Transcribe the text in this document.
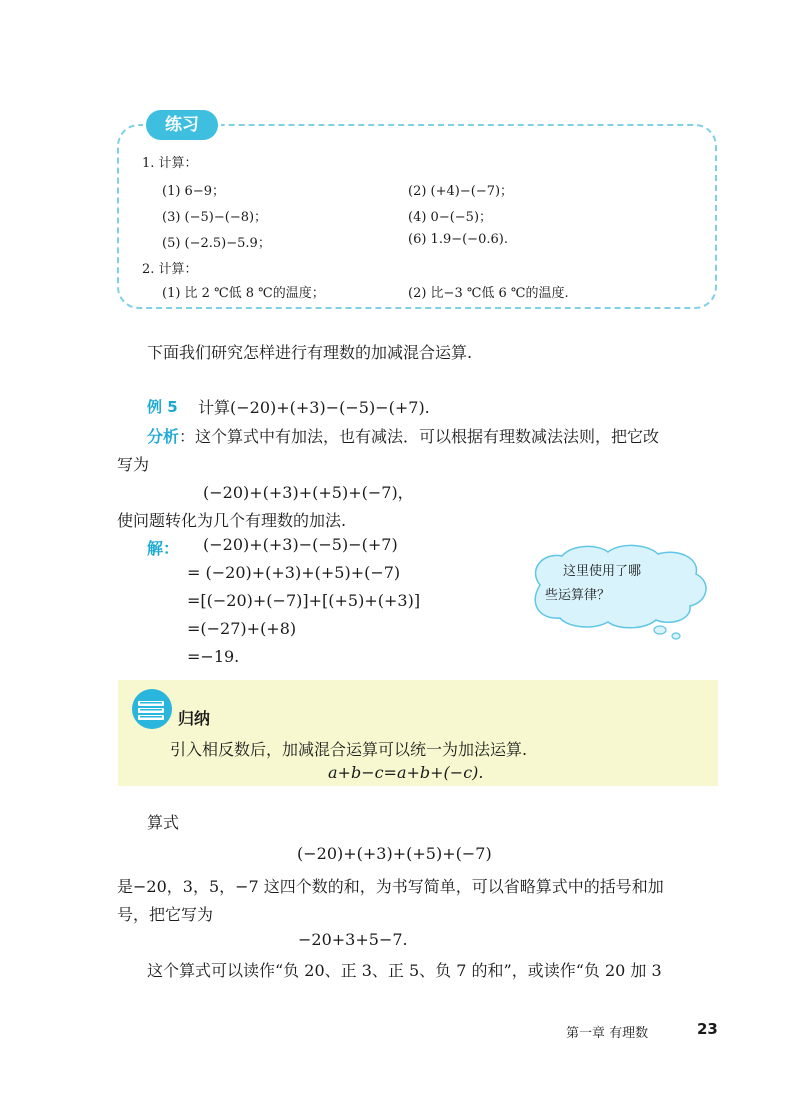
练习
1. 计算：
(1) 6−9；	(2) (+4)−(−7)；
(3) (−5)−(−8)；	(4) 0−(−5)；
(5) (−2.5)−5.9；	(6) 1.9−(−0.6).
2. 计算：
(1) 比 2 ℃低 8 ℃的温度；	(2) 比−3 ℃低 6 ℃的温度.
下面我们研究怎样进行有理数的加减混合运算.
例 5 计算(−20)+(+3)−(−5)−(+7).
分析：这个算式中有加法，也有减法．可以根据有理数减法法则，把它改
写为
(−20)+(+3)+(+5)+(−7)，
使问题转化为几个有理数的加法.
解： (−20)+(+3)−(−5)−(+7)
= (−20)+(+3)+(+5)+(−7)
=[(−20)+(−7)]+[(+5)+(+3)]
=(−27)+(+8)
=−19.
这里使用了哪
些运算律？
归纳
引入相反数后，加减混合运算可以统一为加法运算.
a+b−c=a+b+(−c).
算式
(−20)+(+3)+(+5)+(−7)
是−20，3，5，−7 这四个数的和，为书写简单，可以省略算式中的括号和加
号，把它写为
−20+3+5−7.
这个算式可以读作“负 20、正 3、正 5、负 7 的和”，或读作“负 20 加 3
第一章 有理数	23
